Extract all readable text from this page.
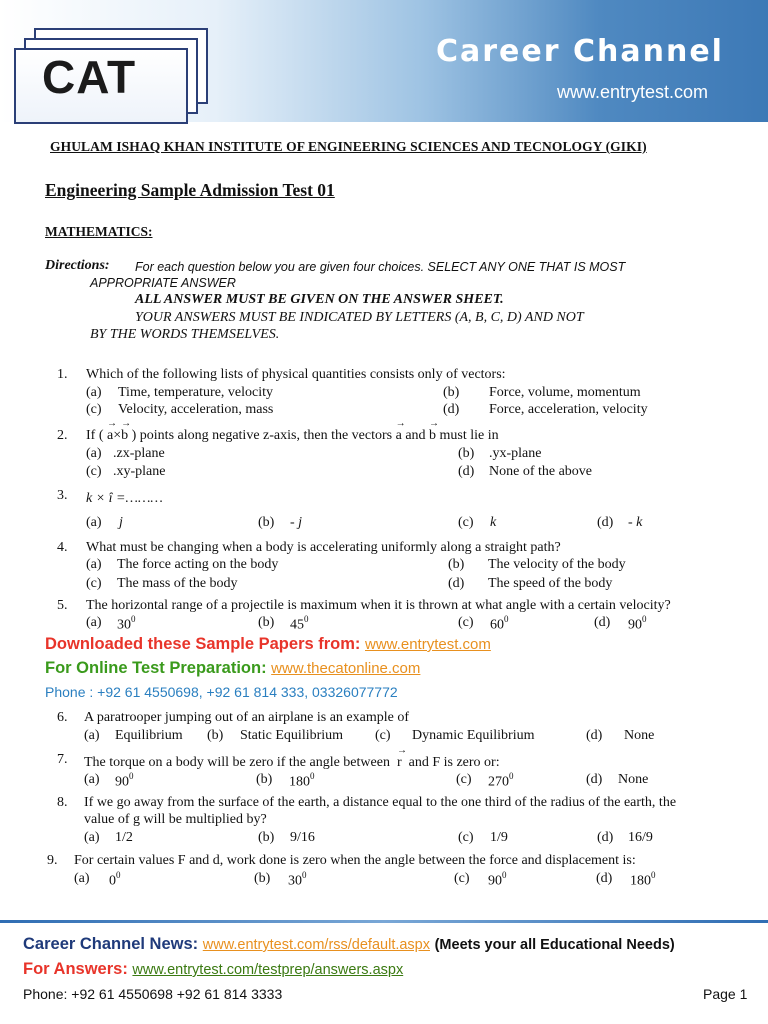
CAT	Career Channel
www.entrytest.com
GHULAM ISHAQ KHAN INSTITUTE OF ENGINEERING SCIENCES AND TECNOLOGY (GIKI)
Engineering Sample Admission Test 01
MATHEMATICS:
Directions: For each question below you are given four choices. SELECT ANY ONE THAT IS MOST
APPROPRIATE ANSWER
ALL ANSWER MUST BE GIVEN ON THE ANSWER SHEET.
YOUR ANSWERS MUST BE INDICATED BY LETTERS (A, B, C, D) AND NOT
BY THE WORDS THEMSELVES.
1. Which of the following lists of physical quantities consists only of vectors:
(a) Time, temperature, velocity	(b) Force, volume, momentum
(c) Velocity, acceleration, mass	(d) Force, acceleration, velocity
2. If ( → a×→ b ) points along negative z-axis, then the vectors → a and → b must lie in
(a) .zx-plane	(b) .yx-plane
(c) .xy-plane	(d) None of the above
3. k × î =………
(a) j	(b) - j	(c) k	(d) - k
4. What must be changing when a body is accelerating uniformly along a straight path?
(a) The force acting on the body	(b) The velocity of the body
(c) The mass of the body	(d) The speed of the body
5. The horizontal range of a projectile is maximum when it is thrown at what angle with a certain velocity?
(a) $30^0$	(b) $45^0$	(c) $60^0$	(d) $90^0$
Downloaded these Sample Papers from: www.entrytest.com
For Online Test Preparation: www.thecatonline.com
Phone : +92 61 4550698, +92 61 814 333, 03326077772
6. A paratrooper jumping out of an airplane is an example of
(a) Equilibrium (b) Static Equilibrium (c) Dynamic Equilibrium	(d) None
7. The torque on a body will be zero if the angle between → r and F is zero or:
(a) $90^0$	(b) $180^0$	(c) $270^0$	(d) None
8. If we go away from the surface of the earth, a distance equal to the one third of the radius of the earth, the
value of g will be multiplied by?
(a) 1/2	(b) 9/16	(c) 1/9	(d) 16/9
9. For certain values F and d, work done is zero when the angle between the force and displacement is:
(a) $0^0$	(b) $30^0$	(c) $90^0$	(d) $180^0$
Career Channel News: www.entrytest.com/rss/default.aspx (Meets your all Educational Needs)
For Answers: www.entrytest.com/testprep/answers.aspx
Phone: +92 61 4550698 +92 61 814 3333	Page 1
